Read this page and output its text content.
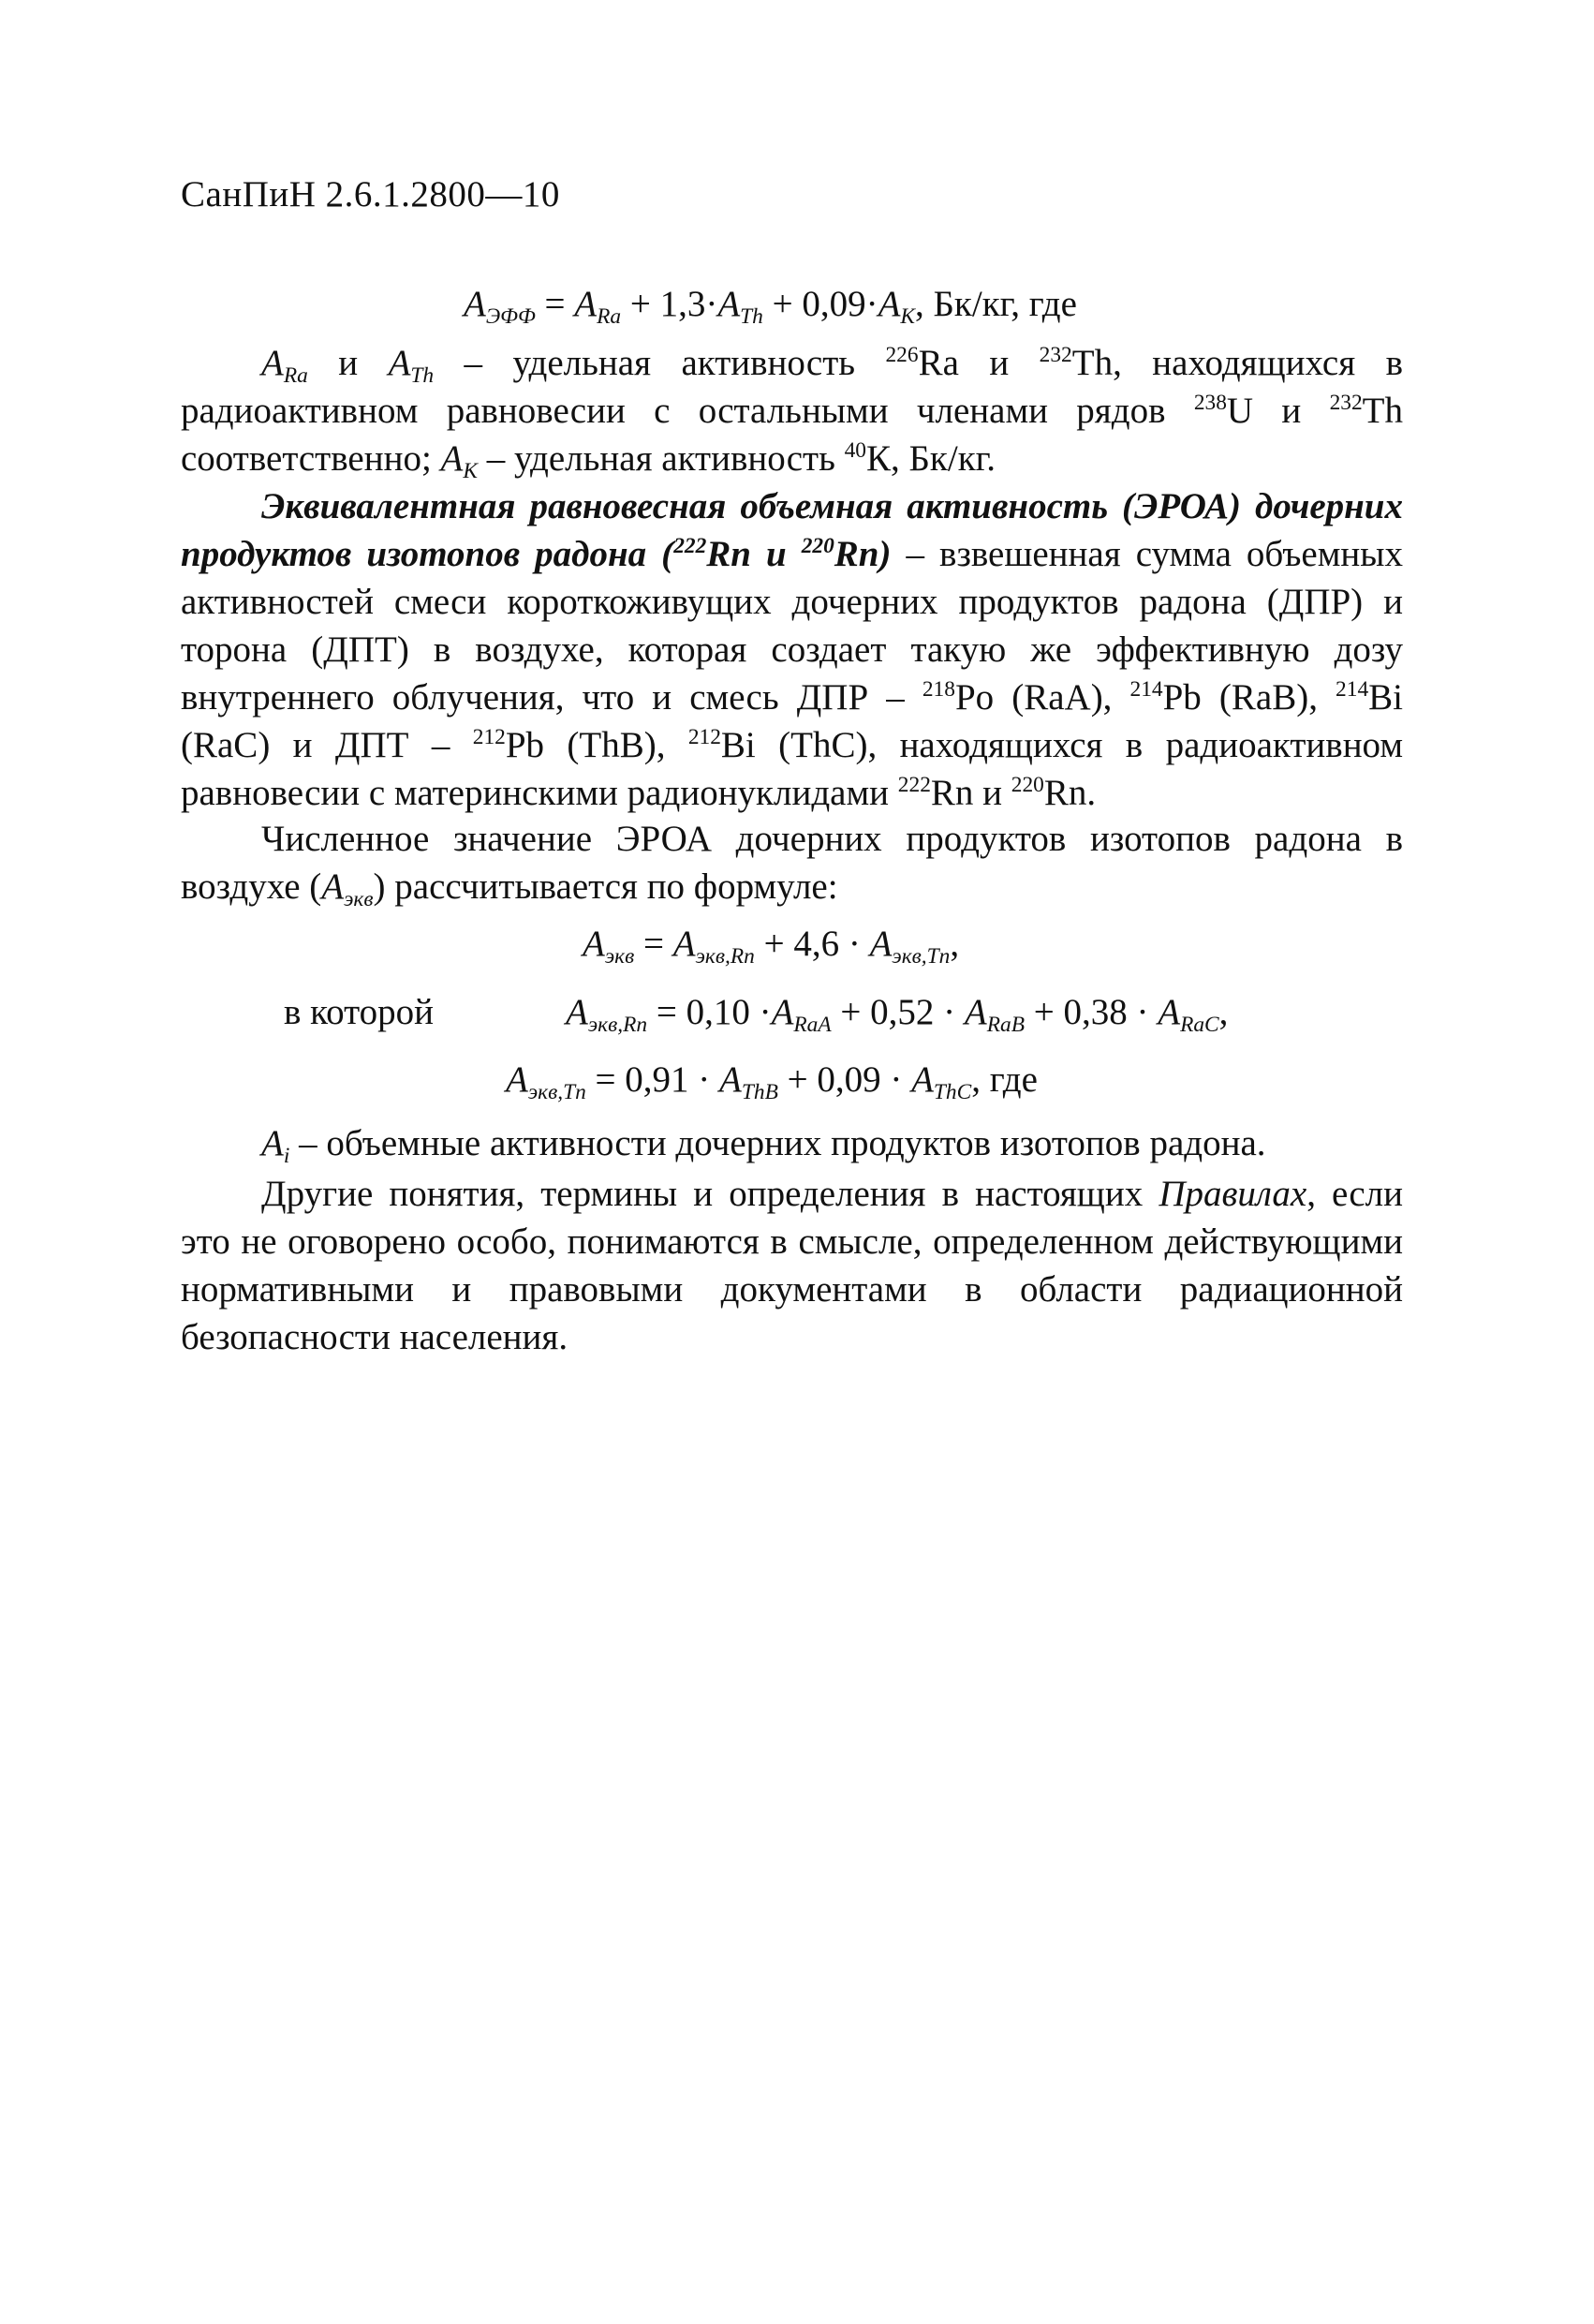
СанПиН 2.6.1.2800—10
$A_{ЭФФ} = A_{Ra} + 1,3\cdot A_{Th} + 0,09\cdot A_K$, Бк/кг, где
$A_{Ra}$ и $A_{Th}$ – удельная активность $^{226}$Ra и $^{232}$Th, находящихся в радиоактивном равновесии с остальными членами рядов $^{238}$U и $^{232}$Th соответственно; $A_K$ – удельная активность $^{40}$К, Бк/кг.
Эквивалентная равновесная объемная активность (ЭРОА) дочерних продуктов изотопов радона ($^{222}$Rn и $^{220}$Rn) – взвешенная сумма объемных активностей смеси короткоживущих дочерних продуктов радона (ДПР) и торона (ДПТ) в воздухе, которая создает такую же эффективную дозу внутреннего облучения, что и смесь ДПР – $^{218}$Po (RaA), $^{214}$Pb (RaB), $^{214}$Bi (RaC) и ДПТ – $^{212}$Pb (ThB), $^{212}$Bi (ThC), находящихся в радиоактивном равновесии с материнскими радионуклидами $^{222}$Rn и $^{220}$Rn.
Численное значение ЭРОА дочерних продуктов изотопов радона в воздухе $(A_{экв})$ рассчитывается по формуле:
$A_{экв} = A_{экв,Rn} + 4,6 \cdot A_{экв,Tn}$,
в которой	$A_{экв,Rn} = 0,10 \cdot A_{RaA} + 0,52 \cdot A_{RaB} + 0,38 \cdot A_{RaC}$,
$A_{экв,Tn} = 0,91 \cdot A_{ThB} + 0,09 \cdot A_{ThC}$, где
$A_i$ – объемные активности дочерних продуктов изотопов радона.
Другие понятия, термины и определения в настоящих Правилах, если это не оговорено особо, понимаются в смысле, определенном действующими нормативными и правовыми документами в области радиационной безопасности населения.
